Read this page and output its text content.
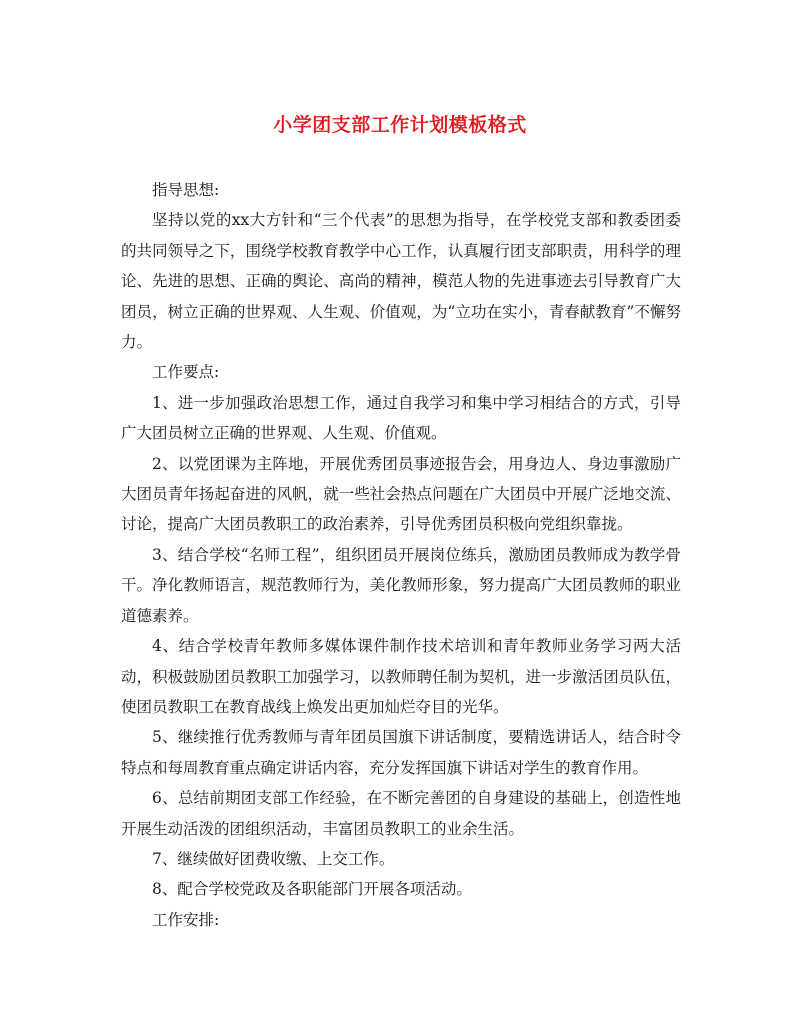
小学团支部工作计划模板格式

指导思想:

坚持以党的xx大方针和“三个代表”的思想为指导，在学校党支部和教委团委的共同领导之下，围绕学校教育教学中心工作，认真履行团支部职责，用科学的理论、先进的思想、正确的舆论、高尚的精神，模范人物的先进事迹去引导教育广大团员，树立正确的世界观、人生观、价值观，为“立功在实小，青春献教育”不懈努力。

工作要点:

1、进一步加强政治思想工作，通过自我学习和集中学习相结合的方式，引导广大团员树立正确的世界观、人生观、价值观。

2、以党团课为主阵地，开展优秀团员事迹报告会，用身边人、身边事激励广大团员青年扬起奋进的风帆，就一些社会热点问题在广大团员中开展广泛地交流、讨论，提高广大团员教职工的政治素养，引导优秀团员积极向党组织靠拢。

3、结合学校“名师工程”，组织团员开展岗位练兵，激励团员教师成为教学骨干。净化教师语言，规范教师行为，美化教师形象，努力提高广大团员教师的职业道德素养。

4、结合学校青年教师多媒体课件制作技术培训和青年教师业务学习两大活动，积极鼓励团员教职工加强学习，以教师聘任制为契机，进一步激活团员队伍，使团员教职工在教育战线上焕发出更加灿烂夺目的光华。

5、继续推行优秀教师与青年团员国旗下讲话制度，要精选讲话人，结合时令特点和每周教育重点确定讲话内容，充分发挥国旗下讲话对学生的教育作用。

6、总结前期团支部工作经验，在不断完善团的自身建设的基础上，创造性地开展生动活泼的团组织活动，丰富团员教职工的业余生活。

7、继续做好团费收缴、上交工作。

8、配合学校党政及各职能部门开展各项活动。

工作安排:
